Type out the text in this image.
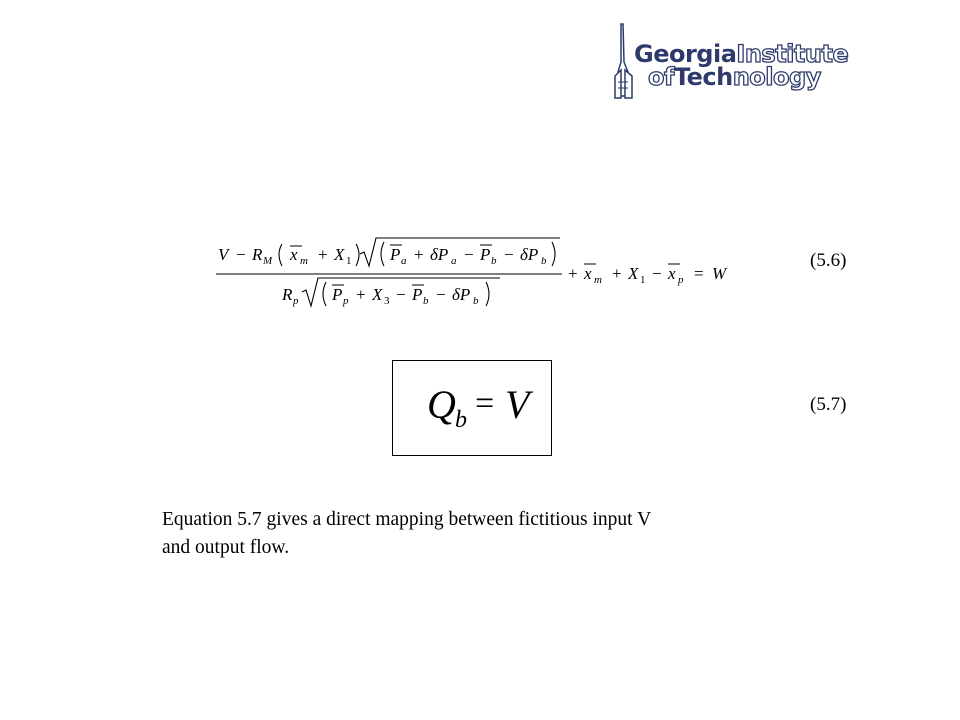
GeorgiaInstitute
ofTechnology
V − R M x m + X 1 P a + δP a − P b − δP b
R p P p + X 3 − P b − δP b
+ x m + X 1 − x p = W
(5.6)
Q b = V	(5.7)
Equation 5.7 gives a direct mapping between fictitious input V
and output flow.
